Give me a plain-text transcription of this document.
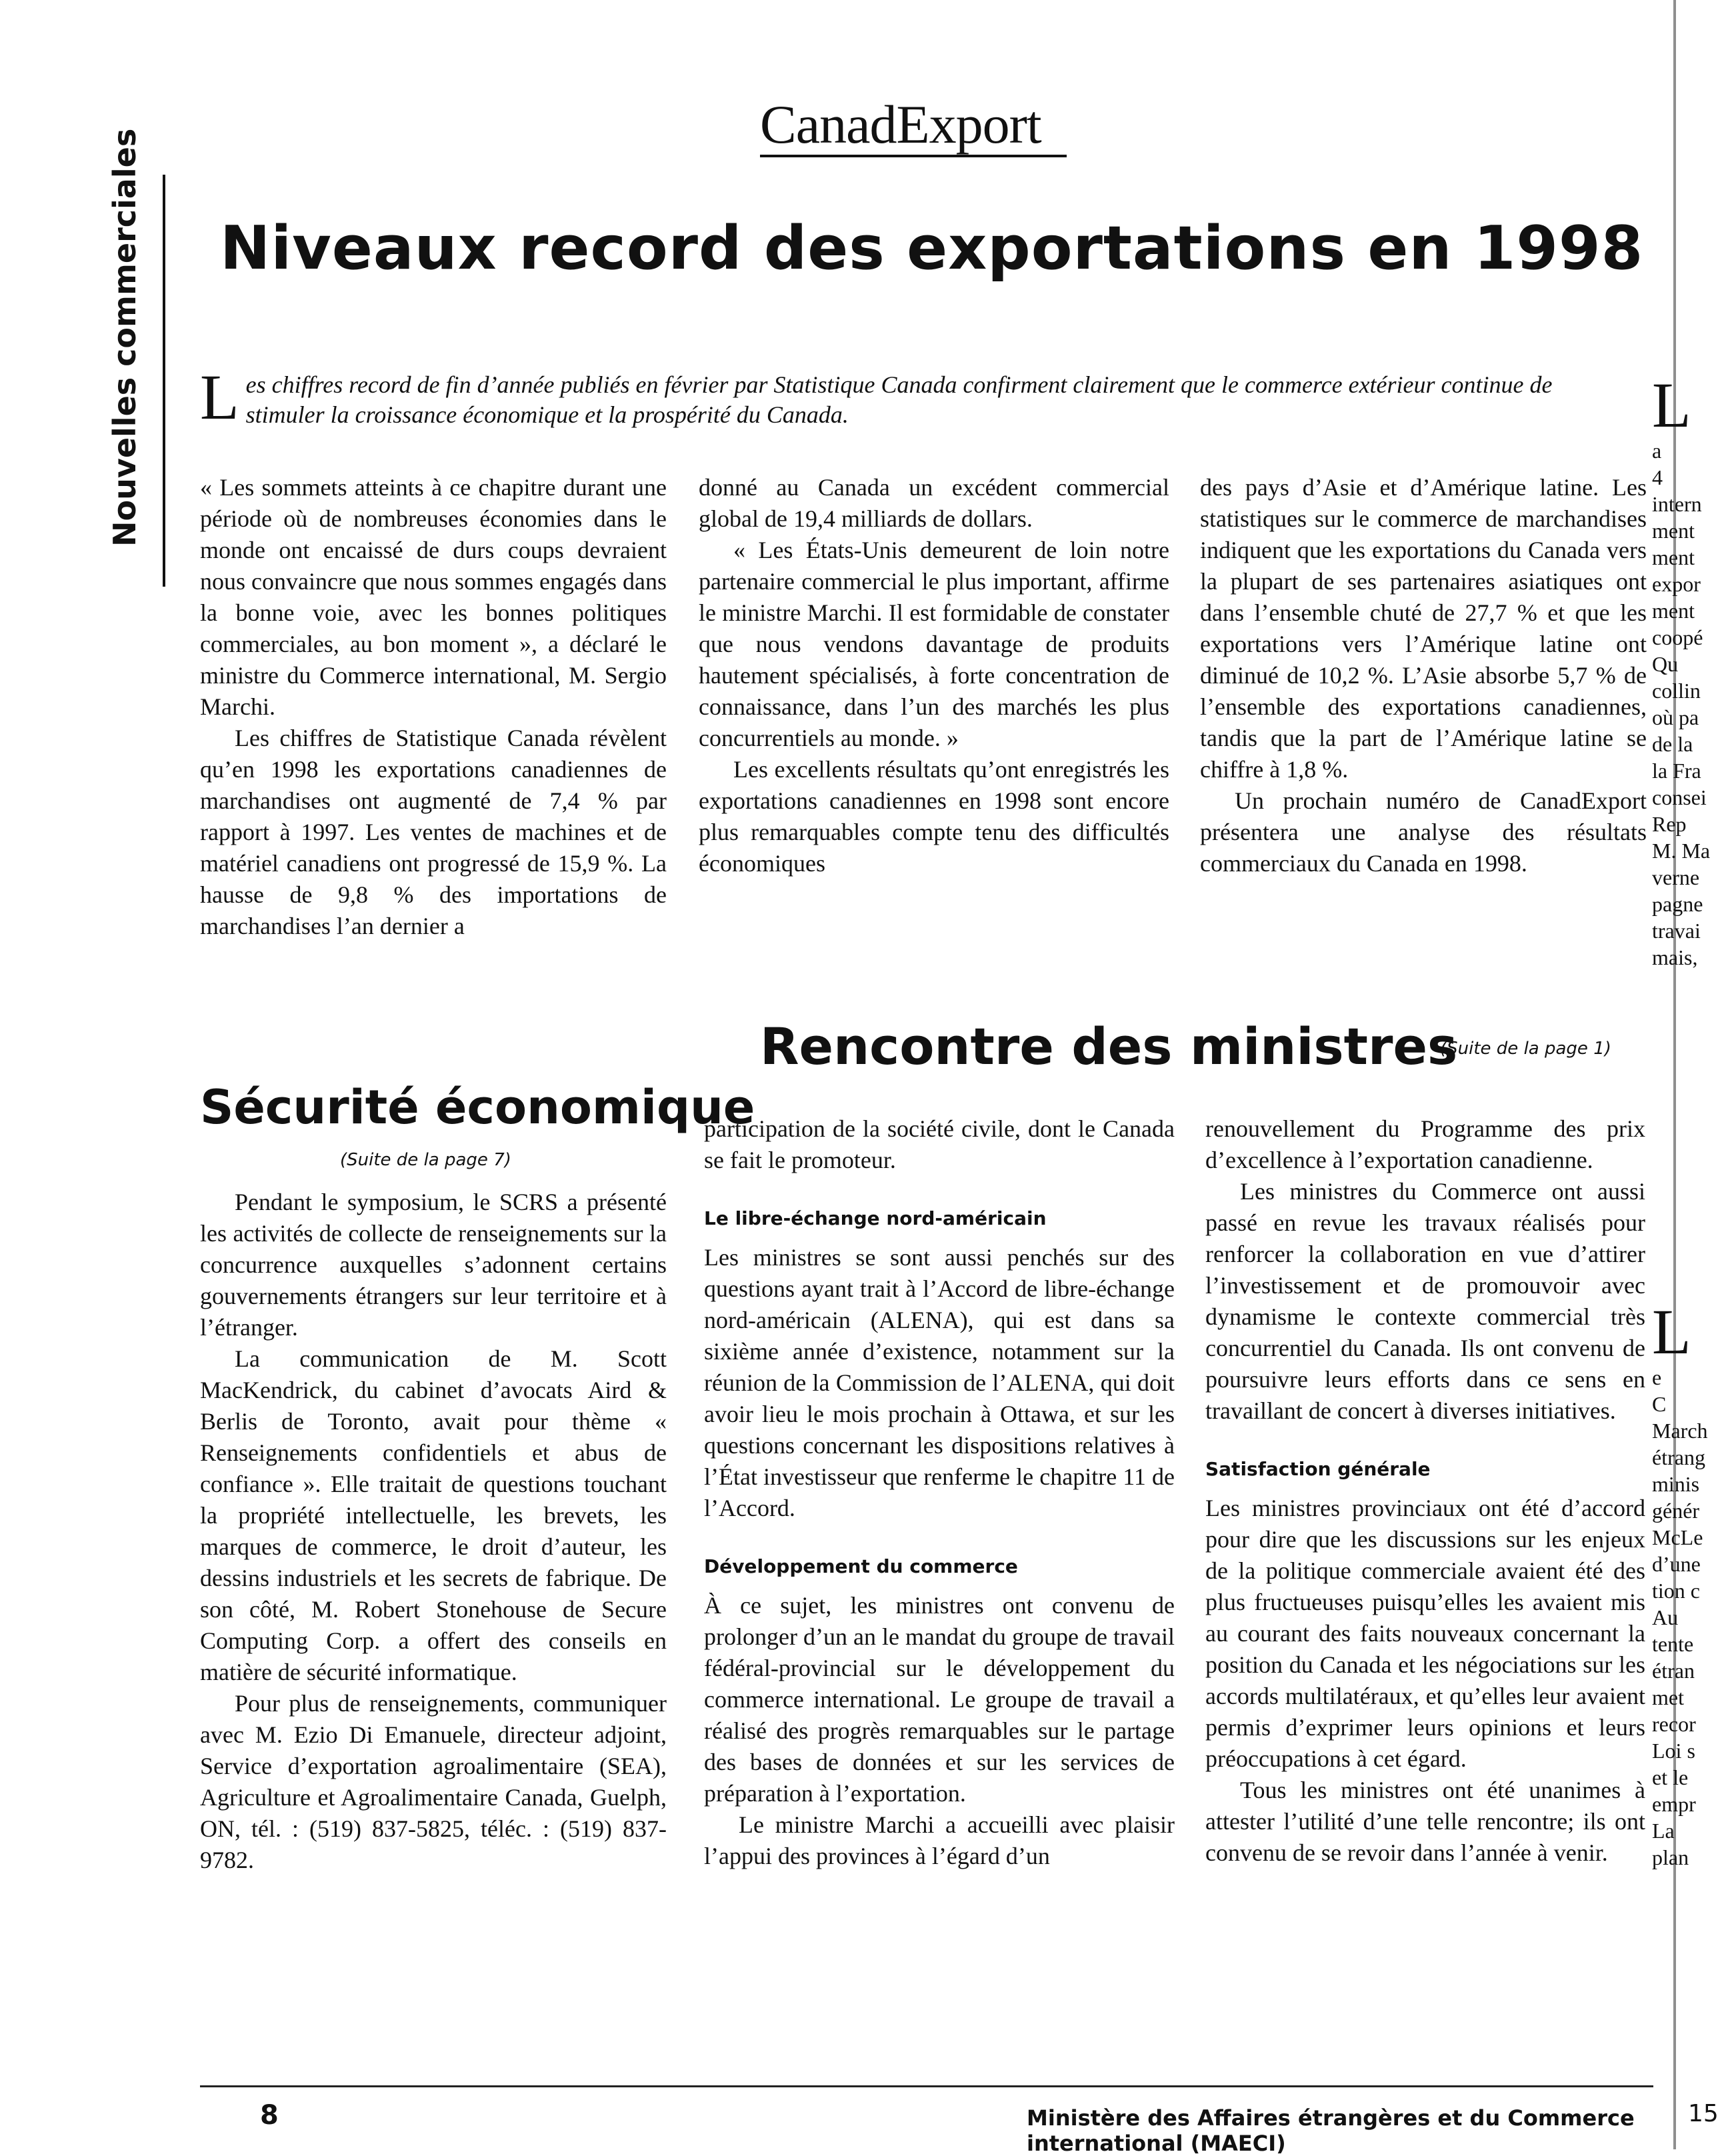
CanadExport
Nouvelles commerciales Niveaux record des exportations en 1998
L es chiffres record de fin d’année publiés en février par Statistique Canada confirment clairement que le commerce extérieur continue de stimuler la croissance économique et la prospérité du Canada.

« Les sommets atteints à ce chapitre durant une période où de nombreuses économies dans le monde ont encaissé de durs coups devraient nous convaincre que nous sommes engagés dans la bonne voie, avec les bonnes politiques commerciales, au bon moment », a déclaré le ministre du Commerce international, M. Sergio Marchi.

Les chiffres de Statistique Canada révèlent qu’en 1998 les exportations canadiennes de marchandises ont augmenté de 7,4 % par rapport à 1997. Les ventes de machines et de matériel canadiens ont progressé de 15,9 %. La hausse de 9,8 % des importations de marchandises l’an dernier a

donné au Canada un excédent commercial global de 19,4 milliards de dollars.

« Les États-Unis demeurent de loin notre partenaire commercial le plus important, affirme le ministre Marchi. Il est formidable de constater que nous vendons davantage de produits hautement spécialisés, à forte concentration de connaissance, dans l’un des marchés les plus concurrentiels au monde. »

Les excellents résultats qu’ont enregistrés les exportations canadiennes en 1998 sont encore plus remarquables compte tenu des difficultés économiques

des pays d’Asie et d’Amérique latine. Les statistiques sur le commerce de marchandises indiquent que les exportations du Canada vers la plupart de ses partenaires asiatiques ont dans l’ensemble chuté de 27,7 % et que les exportations vers l’Amérique latine ont diminué de 10,2 %. L’Asie absorbe 5,7 % de l’ensemble des exportations canadiennes, tandis que la part de l’Amérique latine se chiffre à 1,8 %.

Un prochain numéro de CanadExport présentera une analyse des résultats commerciaux du Canada en 1998.

Sécurité économique
(Suite de la page 7)

Pendant le symposium, le SCRS a présenté les activités de collecte de renseignements sur la concurrence auxquelles s’adonnent certains gouvernements étrangers sur leur territoire et à l’étranger.

La communication de M. Scott MacKendrick, du cabinet d’avocats Aird & Berlis de Toronto, avait pour thème « Renseignements confidentiels et abus de confiance ». Elle traitait de questions touchant la propriété intellectuelle, les brevets, les marques de commerce, le droit d’auteur, les dessins industriels et les secrets de fabrique. De son côté, M. Robert Stonehouse de Secure Computing Corp. a offert des conseils en matière de sécurité informatique.

Pour plus de renseignements, communiquer avec M. Ezio Di Emanuele, directeur adjoint, Service d’exportation agroalimentaire (SEA), Agriculture et Agroalimentaire Canada, Guelph, ON, tél. : (519) 837-5825, téléc. : (519) 837-9782.

Rencontre des ministres
(Suite de la page 1)

participation de la société civile, dont le Canada se fait le promoteur.

Le libre-échange nord-américain

Les ministres se sont aussi penchés sur des questions ayant trait à l’Accord de libre-échange nord-américain (ALENA), qui est dans sa sixième année d’existence, notamment sur la réunion de la Commission de l’ALENA, qui doit avoir lieu le mois prochain à Ottawa, et sur les questions concernant les dispositions relatives à l’État investisseur que renferme le chapitre 11 de l’Accord.

Développement du commerce

À ce sujet, les ministres ont convenu de prolonger d’un an le mandat du groupe de travail fédéral-provincial sur le développement du commerce international. Le groupe de travail a réalisé des progrès remarquables sur le partage des bases de données et sur les services de préparation à l’exportation.

Le ministre Marchi a accueilli avec plaisir l’appui des provinces à l’égard d’un

renouvellement du Programme des prix d’excellence à l’exportation canadienne.

Les ministres du Commerce ont aussi passé en revue les travaux réalisés pour renforcer la collaboration en vue d’attirer l’investissement et de promouvoir avec dynamisme le contexte commercial très concurrentiel du Canada. Ils ont convenu de poursuivre leurs efforts dans ce sens en travaillant de concert à diverses initiatives.

Satisfaction générale

Les ministres provinciaux ont été d’accord pour dire que les discussions sur les enjeux de la politique commerciale avaient été des plus fructueuses puisqu’elles les avaient mis au courant des faits nouveaux concernant la position du Canada et les négociations sur les accords multilatéraux, et qu’elles leur avaient permis d’exprimer leurs opinions et leurs préoccupations à cet égard.

Tous les ministres ont été unanimes à attester l’utilité d’une telle rencontre; ils ont convenu de se revoir dans l’année à venir.

L
a
4
intern
ment
ment
expor
ment
coopé
Qu
collin
où pa
de la
la Fra
consei
Rep
M. Ma
verne
pagne
travai
mais,
L
e
C
March
étrang
minis
génér
McLe
d’une
tion c
Au
tente
étran
met
recor
Loi s
et le
empr
La
plan
8	Ministère des Affaires étrangères et du Commerce international (MAECI)
15
